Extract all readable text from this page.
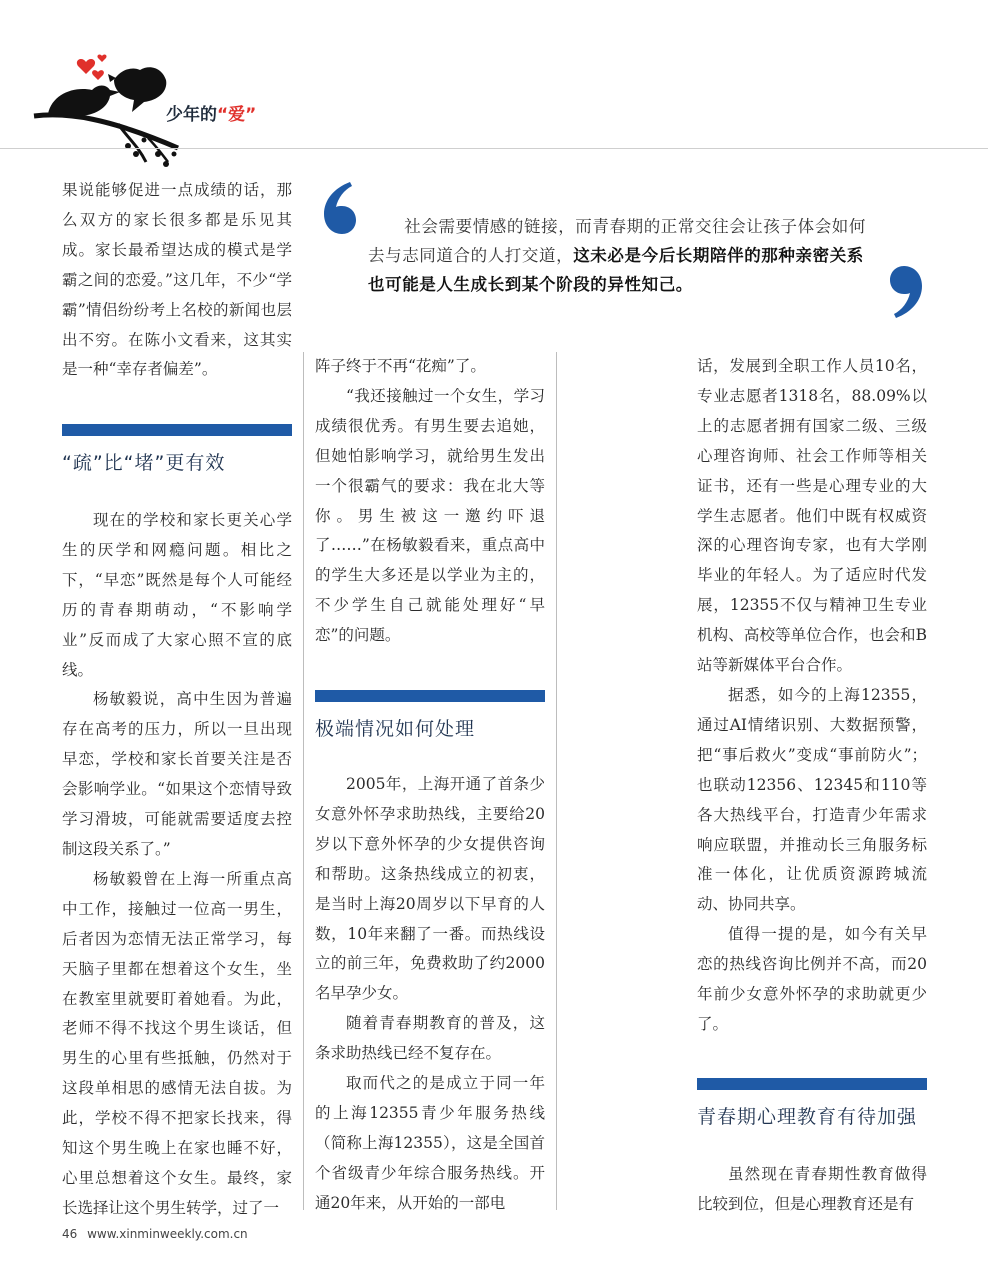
少年的“爱”
社会需要情感的链接，而青春期的正常交往会让孩子体会如何去与志同道合的人打交道，这未必是今后长期陪伴的那种亲密关系也可能是人生成长到某个阶段的异性知己。

果说能够促进一点成绩的话，那么双方的家长很多都是乐见其成。家长最希望达成的模式是学霸之间的恋爱。”这几年，不少“学霸”情侣纷纷考上名校的新闻也层出不穷。在陈小文看来，这其实是一种“幸存者偏差”。

“疏”比“堵”更有效

现在的学校和家长更关心学生的厌学和网瘾问题。相比之下，“早恋”既然是每个人可能经历的青春期萌动，“不影响学业”反而成了大家心照不宣的底线。

杨敏毅说，高中生因为普遍存在高考的压力，所以一旦出现早恋，学校和家长首要关注是否会影响学业。“如果这个恋情导致学习滑坡，可能就需要适度去控制这段关系了。”

杨敏毅曾在上海一所重点高中工作，接触过一位高一男生，后者因为恋情无法正常学习，每天脑子里都在想着这个女生，坐在教室里就要盯着她看。为此，老师不得不找这个男生谈话，但男生的心里有些抵触，仍然对于这段单相思的感情无法自拔。为此，学校不得不把家长找来，得知这个男生晚上在家也睡不好，心里总想着这个女生。最终，家长选择让这个男生转学，过了一

阵子终于不再“花痴”了。

“我还接触过一个女生，学习成绩很优秀。有男生要去追她，但她怕影响学习，就给男生发出一个很霸气的要求：我在北大等你。男生被这一邀约吓退了……”在杨敏毅看来，重点高中的学生大多还是以学业为主的，不少学生自己就能处理好“早恋”的问题。

极端情况如何处理

2005年，上海开通了首条少女意外怀孕求助热线，主要给20岁以下意外怀孕的少女提供咨询和帮助。这条热线成立的初衷，是当时上海20周岁以下早育的人数，10年来翻了一番。而热线设立的前三年，免费救助了约2000名早孕少女。

随着青春期教育的普及，这条求助热线已经不复存在。

取而代之的是成立于同一年的上海12355青少年服务热线（简称上海12355），这是全国首个省级青少年综合服务热线。开通20年来，从开始的一部电

话，发展到全职工作人员10名，专业志愿者1318名，88.09%以上的志愿者拥有国家二级、三级心理咨询师、社会工作师等相关证书，还有一些是心理专业的大学生志愿者。他们中既有权威资深的心理咨询专家，也有大学刚毕业的年轻人。为了适应时代发展，12355不仅与精神卫生专业机构、高校等单位合作，也会和B站等新媒体平台合作。

据悉，如今的上海12355，通过AI情绪识别、大数据预警，把“事后救火”变成“事前防火”；也联动12356、12345和110等各大热线平台，打造青少年需求响应联盟，并推动长三角服务标准一体化，让优质资源跨城流动、协同共享。

值得一提的是，如今有关早恋的热线咨询比例并不高，而20年前少女意外怀孕的求助就更少了。

青春期心理教育有待加强

虽然现在青春期性教育做得比较到位，但是心理教育还是有

46 www.xinminweekly.com.cn
